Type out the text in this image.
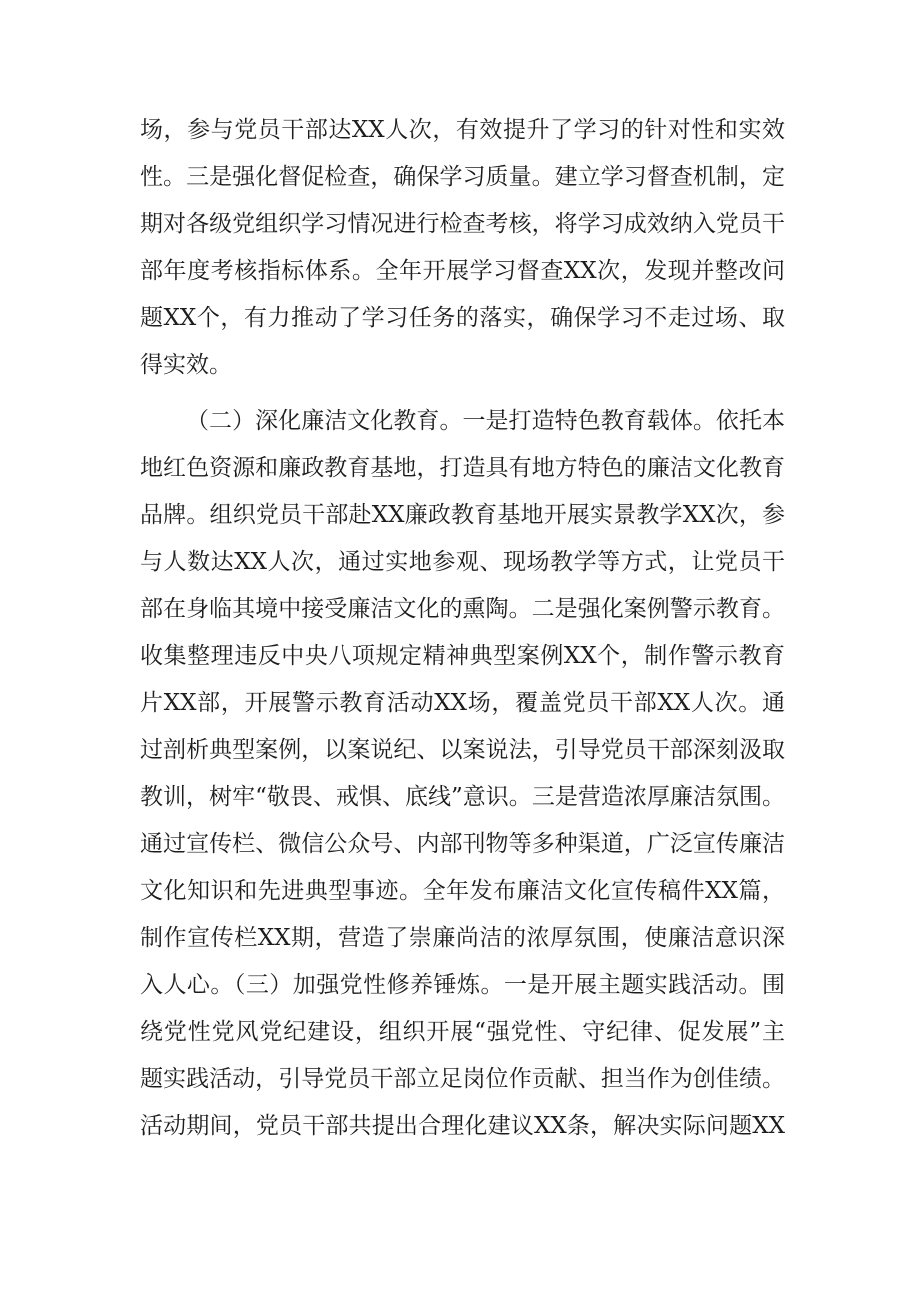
场，参与党员干部达XX人次，有效提升了学习的针对性和实效
性。三是强化督促检查，确保学习质量。建立学习督查机制，定
期对各级党组织学习情况进行检查考核，将学习成效纳入党员干
部年度考核指标体系。全年开展学习督查XX次，发现并整改问
题XX个，有力推动了学习任务的落实，确保学习不走过场、取
得实效。
（二）深化廉洁文化教育。一是打造特色教育载体。依托本
地红色资源和廉政教育基地，打造具有地方特色的廉洁文化教育
品牌。组织党员干部赴XX廉政教育基地开展实景教学XX次，参
与人数达XX人次，通过实地参观、现场教学等方式，让党员干
部在身临其境中接受廉洁文化的熏陶。二是强化案例警示教育。
收集整理违反中央八项规定精神典型案例XX个，制作警示教育
片XX部，开展警示教育活动XX场，覆盖党员干部XX人次。通
过剖析典型案例，以案说纪、以案说法，引导党员干部深刻汲取
教训，树牢“敬畏、戒惧、底线”意识。三是营造浓厚廉洁氛围。
通过宣传栏、微信公众号、内部刊物等多种渠道，广泛宣传廉洁
文化知识和先进典型事迹。全年发布廉洁文化宣传稿件XX篇，
制作宣传栏XX期，营造了崇廉尚洁的浓厚氛围，使廉洁意识深
入人心。（三）加强党性修养锤炼。一是开展主题实践活动。围
绕党性党风党纪建设，组织开展“强党性、守纪律、促发展”主
题实践活动，引导党员干部立足岗位作贡献、担当作为创佳绩。
活动期间，党员干部共提出合理化建议XX条，解决实际问题XX
